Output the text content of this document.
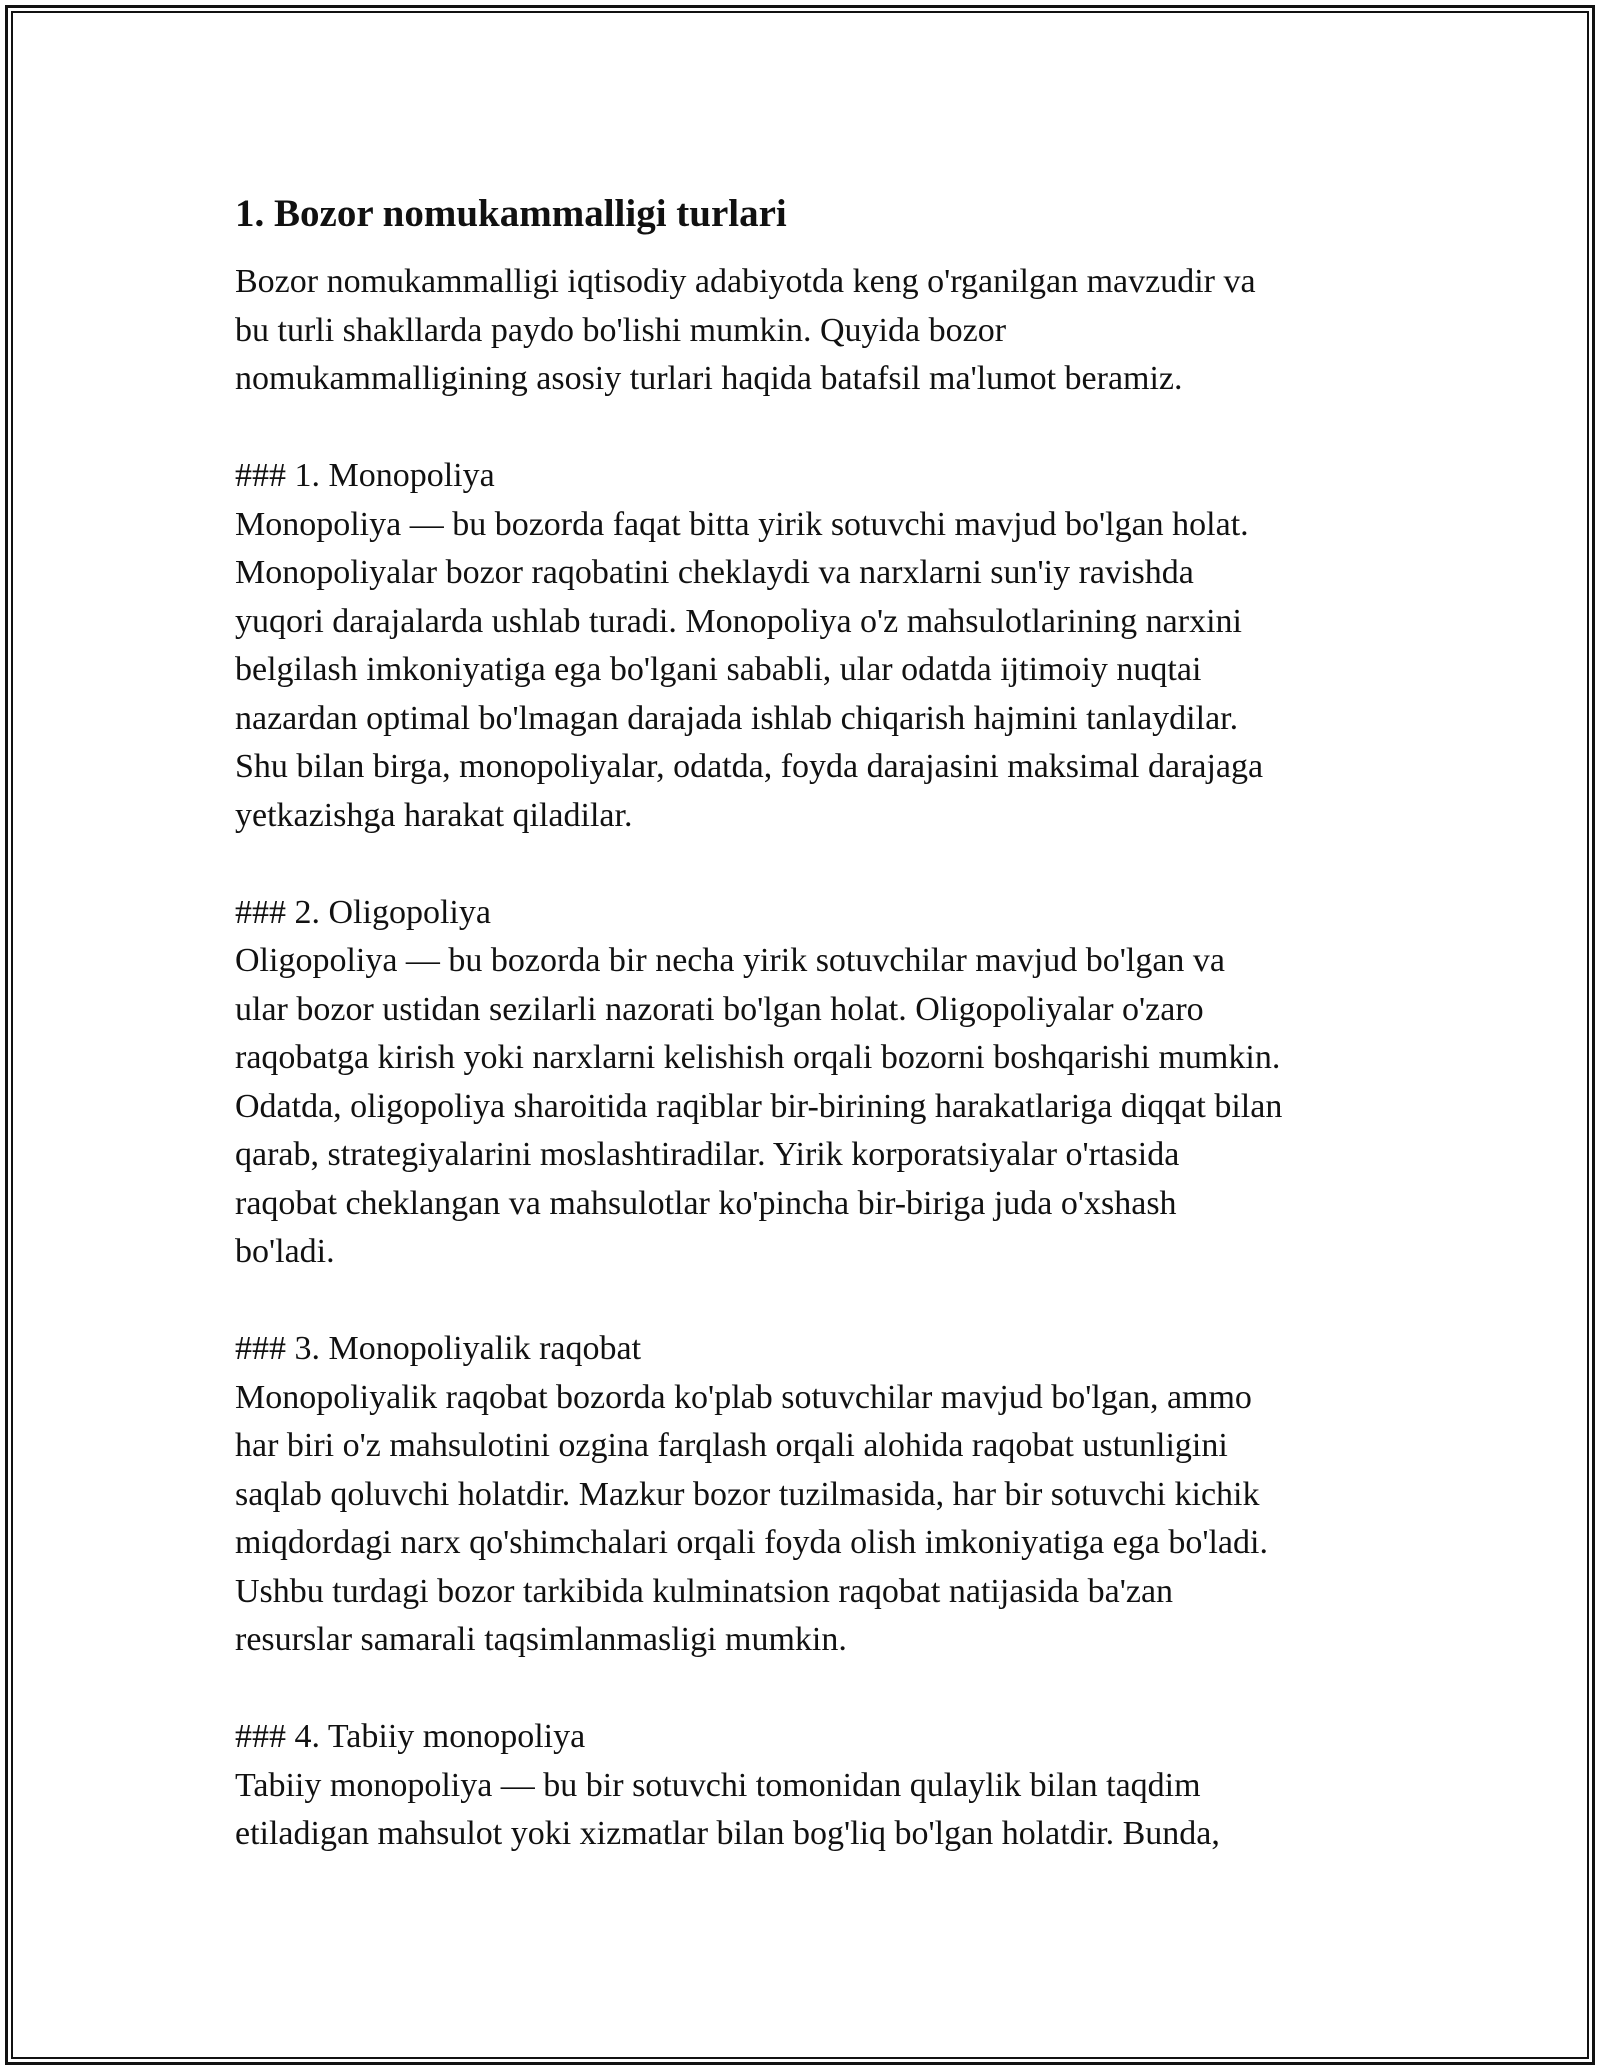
1. Bozor nomukammalligi turlari
Bozor nomukammalligi iqtisodiy adabiyotda keng o'rganilgan mavzudir va
bu turli shakllarda paydo bo'lishi mumkin. Quyida bozor
nomukammalligining asosiy turlari haqida batafsil ma'lumot beramiz.
### 1. Monopoliya
Monopoliya — bu bozorda faqat bitta yirik sotuvchi mavjud bo'lgan holat.
Monopoliyalar bozor raqobatini cheklaydi va narxlarni sun'iy ravishda
yuqori darajalarda ushlab turadi. Monopoliya o'z mahsulotlarining narxini
belgilash imkoniyatiga ega bo'lgani sababli, ular odatda ijtimoiy nuqtai
nazardan optimal bo'lmagan darajada ishlab chiqarish hajmini tanlaydilar.
Shu bilan birga, monopoliyalar, odatda, foyda darajasini maksimal darajaga
yetkazishga harakat qiladilar.
### 2. Oligopoliya
Oligopoliya — bu bozorda bir necha yirik sotuvchilar mavjud bo'lgan va
ular bozor ustidan sezilarli nazorati bo'lgan holat. Oligopoliyalar o'zaro
raqobatga kirish yoki narxlarni kelishish orqali bozorni boshqarishi mumkin.
Odatda, oligopoliya sharoitida raqiblar bir-birining harakatlariga diqqat bilan
qarab, strategiyalarini moslashtiradilar. Yirik korporatsiyalar o'rtasida
raqobat cheklangan va mahsulotlar ko'pincha bir-biriga juda o'xshash
bo'ladi.
### 3. Monopoliyalik raqobat
Monopoliyalik raqobat bozorda ko'plab sotuvchilar mavjud bo'lgan, ammo
har biri o'z mahsulotini ozgina farqlash orqali alohida raqobat ustunligini
saqlab qoluvchi holatdir. Mazkur bozor tuzilmasida, har bir sotuvchi kichik
miqdordagi narx qo'shimchalari orqali foyda olish imkoniyatiga ega bo'ladi.
Ushbu turdagi bozor tarkibida kulminatsion raqobat natijasida ba'zan
resurslar samarali taqsimlanmasligi mumkin.
### 4. Tabiiy monopoliya
Tabiiy monopoliya — bu bir sotuvchi tomonidan qulaylik bilan taqdim
etiladigan mahsulot yoki xizmatlar bilan bog'liq bo'lgan holatdir. Bunda,
